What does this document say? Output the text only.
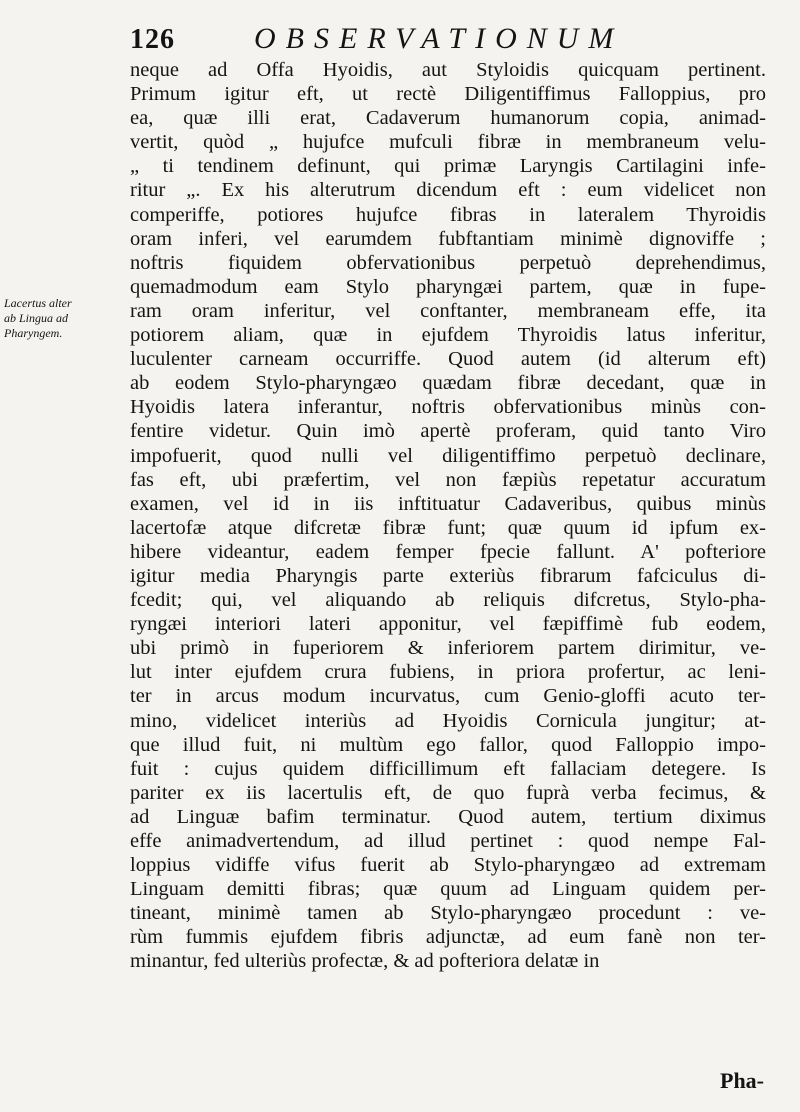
126	OBSERVATIONUM
Lacertus alter
ab Lingua ad
Pharyngem.
neque ad Offa Hyoidis, aut Styloidis quicquam pertinent.
Primum igitur eft, ut rectè Diligentiffimus Falloppius, pro
ea, quæ illi erat, Cadaverum humanorum copia, animad-
vertit, quòd „ hujufce mufculi fibræ in membraneum velu-
„ ti tendinem definunt, qui primæ Laryngis Cartilagini infe-
ritur „. Ex his alterutrum dicendum eft : eum videlicet non
comperiffe, potiores hujufce fibras in lateralem Thyroidis
oram inferi, vel earumdem fubftantiam minimè dignoviffe ;
noftris fiquidem obfervationibus perpetuò deprehendimus,
quemadmodum eam Stylo pharyngæi partem, quæ in fupe-
ram oram inferitur, vel conftanter, membraneam effe, ita
potiorem aliam, quæ in ejufdem Thyroidis latus inferitur,
luculenter carneam occurriffe. Quod autem (id alterum eft)
ab eodem Stylo-pharyngæo quædam fibræ decedant, quæ in
Hyoidis latera inferantur, noftris obfervationibus minùs con-
fentire videtur. Quin imò apertè proferam, quid tanto Viro
impofuerit, quod nulli vel diligentiffimo perpetuò declinare,
fas eft, ubi præfertim, vel non fæpiùs repetatur accuratum
examen, vel id in iis inftituatur Cadaveribus, quibus minùs
lacertofæ atque difcretæ fibræ funt; quæ quum id ipfum ex-
hibere videantur, eadem femper fpecie fallunt. A' pofteriore
igitur media Pharyngis parte exteriùs fibrarum fafciculus di-
fcedit; qui, vel aliquando ab reliquis difcretus, Stylo-pha-
ryngæi interiori lateri apponitur, vel fæpiffimè fub eodem,
ubi primò in fuperiorem & inferiorem partem dirimitur, ve-
lut inter ejufdem crura fubiens, in priora profertur, ac leni-
ter in arcus modum incurvatus, cum Genio-gloffi acuto ter-
mino, videlicet interiùs ad Hyoidis Cornicula jungitur; at-
que illud fuit, ni multùm ego fallor, quod Falloppio impo-
fuit : cujus quidem difficillimum eft fallaciam detegere. Is
pariter ex iis lacertulis eft, de quo fuprà verba fecimus, &
ad Linguæ bafim terminatur. Quod autem, tertium diximus
effe animadvertendum, ad illud pertinet : quod nempe Fal-
loppius vidiffe vifus fuerit ab Stylo-pharyngæo ad extremam
Linguam demitti fibras; quæ quum ad Linguam quidem per-
tineant, minimè tamen ab Stylo-pharyngæo procedunt : ve-
rùm fummis ejufdem fibris adjunctæ, ad eum fanè non ter-
minantur, fed ulteriùs profectæ, & ad pofteriora delatæ in
Pha-
